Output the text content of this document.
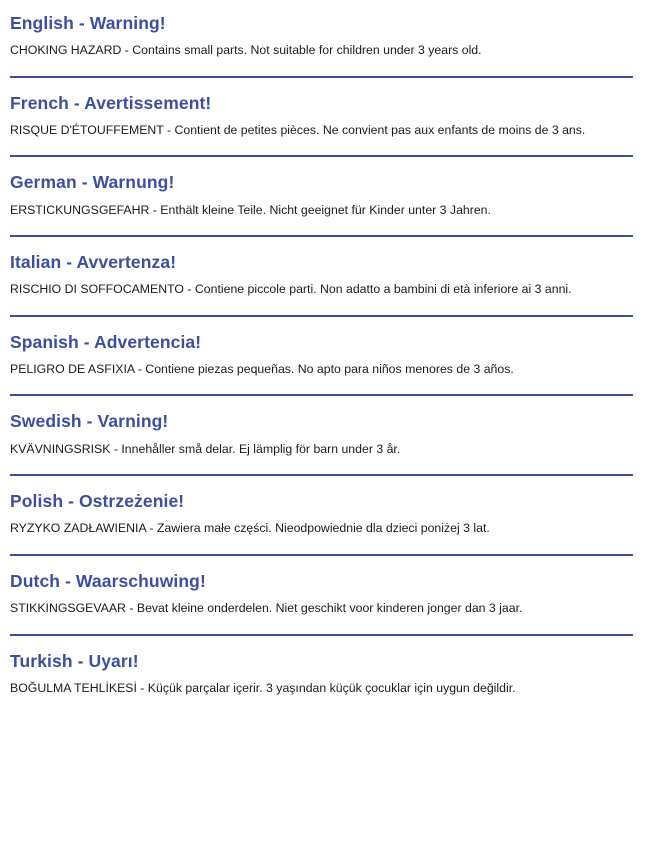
English - Warning!

CHOKING HAZARD - Contains small parts. Not suitable for children under 3 years old.

French - Avertissement!

RISQUE D'ÉTOUFFEMENT - Contient de petites pièces. Ne convient pas aux enfants de moins de 3 ans.

German - Warnung!

ERSTICKUNGSGEFAHR - Enthält kleine Teile. Nicht geeignet für Kinder unter 3 Jahren.

Italian - Avvertenza!

RISCHIO DI SOFFOCAMENTO - Contiene piccole parti. Non adatto a bambini di età inferiore ai 3 anni.

Spanish - Advertencia!

PELIGRO DE ASFIXIA - Contiene piezas pequeñas. No apto para niños menores de 3 años.

Swedish - Varning!

KVÄVNINGSRISK - Innehåller små delar. Ej lämplig för barn under 3 år.

Polish - Ostrzeżenie!

RYZYKO ZADŁAWIENIA - Zawiera małe części. Nieodpowiednie dla dzieci poniżej 3 lat.

Dutch - Waarschuwing!

STIKKINGSGEVAAR - Bevat kleine onderdelen. Niet geschikt voor kinderen jonger dan 3 jaar.

Turkish - Uyarı!

BOĞULMA TEHLİKESİ - Küçük parçalar içerir. 3 yaşından küçük çocuklar için uygun değildir.
